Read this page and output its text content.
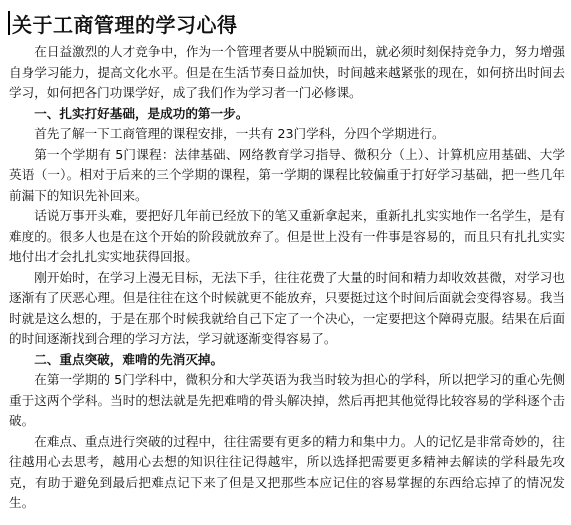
关于工商管理的学习心得

在日益激烈的人才竞争中，作为一个管理者要从中脱颖而出，就必须时刻保持竞争力，努力增强自身学习能力，提高文化水平。但是在生活节奏日益加快，时间越来越紧张的现在，如何挤出时间去学习，如何把各门功课学好，成了我们作为学习者一门必修课。

一、扎实打好基础，是成功的第一步。

首先了解一下工商管理的课程安排，一共有 23门学科，分四个学期进行。

第一个学期有 5门课程：法律基础、网络教育学习指导、微积分（上）、计算机应用基础、大学英语（一）。相对于后来的三个学期的课程，第一学期的课程比较偏重于打好学习基础，把一些几年前漏下的知识先补回来。

话说万事开头难，要把好几年前已经放下的笔又重新拿起来，重新扎扎实实地作一名学生，是有难度的。很多人也是在这个开始的阶段就放弃了。但是世上没有一件事是容易的，而且只有扎扎实实地付出才会扎扎实实地获得回报。

刚开始时，在学习上漫无目标，无法下手，往往花费了大量的时间和精力却收效甚微，对学习也逐渐有了厌恶心理。但是往往在这个时候就更不能放弃，只要挺过这个时间后面就会变得容易。我当时就是这么想的，于是在那个时候我就给自己下定了一个决心，一定要把这个障碍克服。结果在后面的时间逐渐找到合理的学习方法，学习就逐渐变得容易了。

二、重点突破，难啃的先消灭掉。

在第一学期的 5门学科中，微积分和大学英语为我当时较为担心的学科，所以把学习的重心先侧重于这两个学科。当时的想法就是先把难啃的骨头解决掉，然后再把其他觉得比较容易的学科逐个击破。

在难点、重点进行突破的过程中，往往需要有更多的精力和集中力。人的记忆是非常奇妙的，往往越用心去思考，越用心去想的知识往往记得越牢，所以选择把需要更多精神去解读的学科最先攻克，有助于避免到最后把难点记下来了但是又把那些本应记住的容易掌握的东西给忘掉了的情况发生。
